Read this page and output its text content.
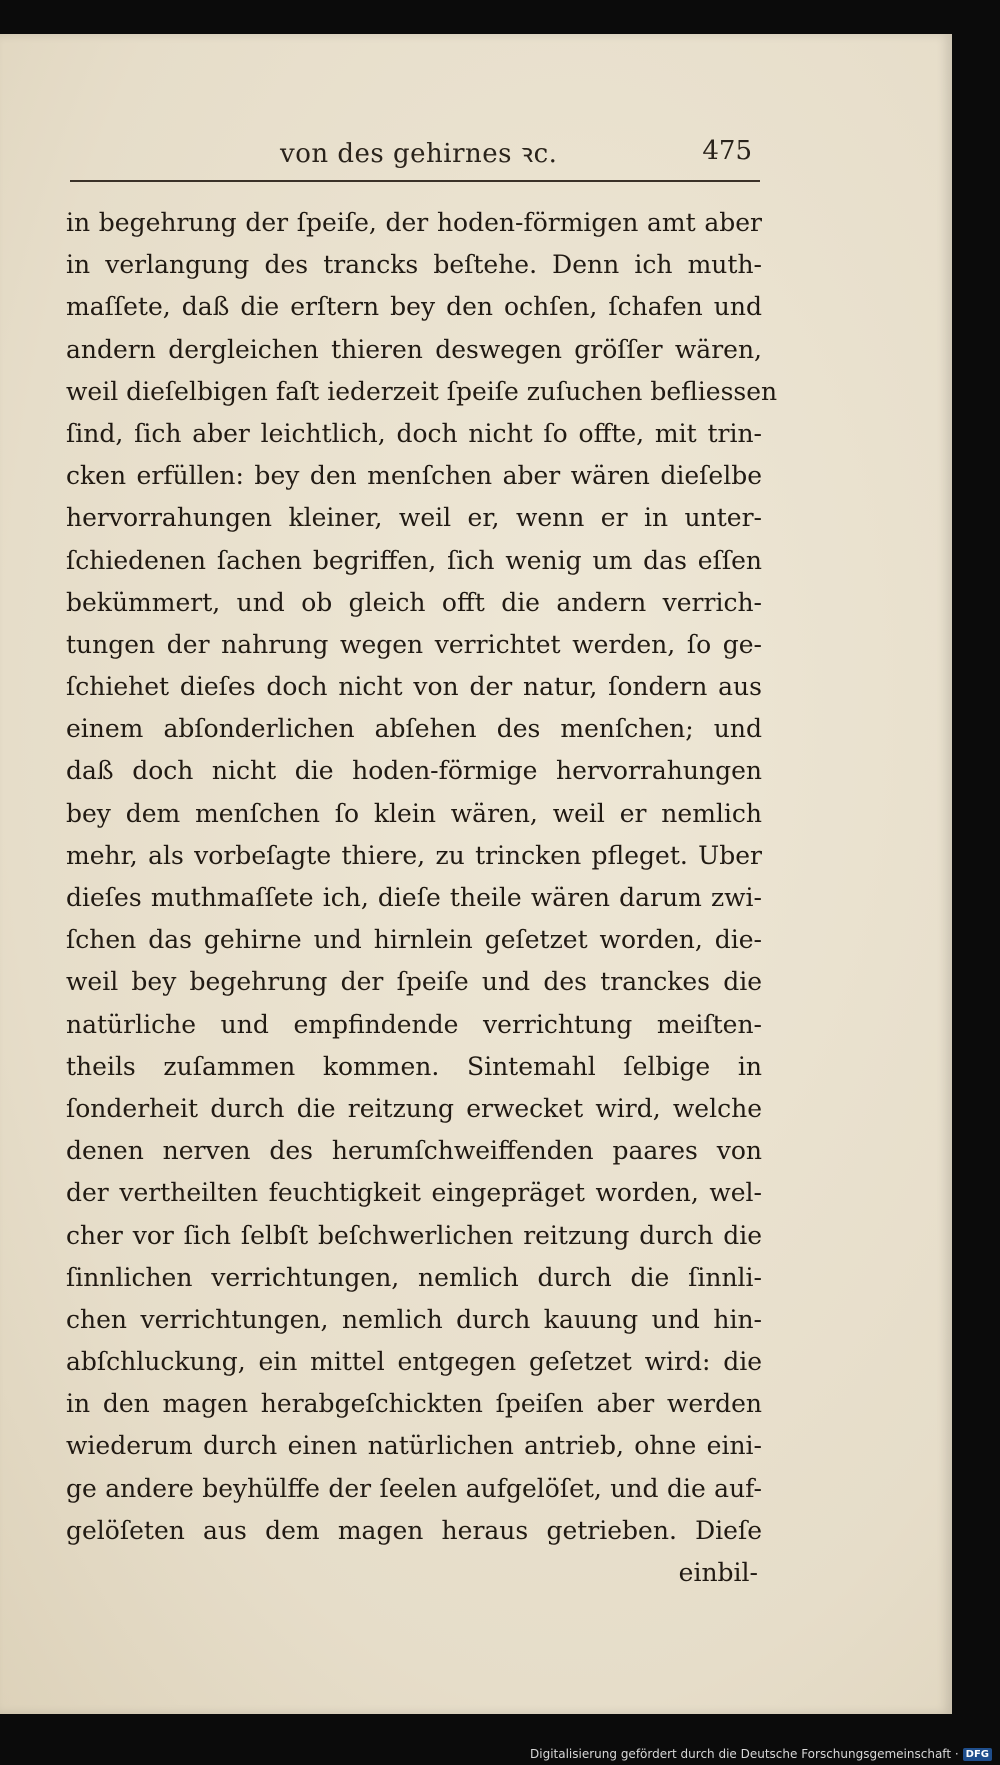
von des gehirnes ꝛc.	475
in begehrung der ſpeiſe, der hoden-förmigen amt aber
in verlangung des trancks beſtehe. Denn ich muth-
maſſete, daß die erſtern bey den ochſen, ſchafen und
andern dergleichen thieren deswegen gröſſer wären,
weil dieſelbigen faſt iederzeit ſpeiſe zuſuchen befliessen
ſind, ſich aber leichtlich, doch nicht ſo offte, mit trin-
cken erfüllen: bey den menſchen aber wären dieſelbe
hervorrahungen kleiner, weil er, wenn er in unter-
ſchiedenen ſachen begriffen, ſich wenig um das eſſen
bekümmert, und ob gleich offt die andern verrich-
tungen der nahrung wegen verrichtet werden, ſo ge-
ſchiehet dieſes doch nicht von der natur, ſondern aus
einem abſonderlichen abſehen des menſchen; und
daß doch nicht die hoden-förmige hervorrahungen
bey dem menſchen ſo klein wären, weil er nemlich
mehr, als vorbeſagte thiere, zu trincken pfleget. Uber
dieſes muthmaſſete ich, dieſe theile wären darum zwi-
ſchen das gehirne und hirnlein geſetzet worden, die-
weil bey begehrung der ſpeiſe und des tranckes die
natürliche und empfindende verrichtung meiſten-
theils zuſammen kommen. Sintemahl ſelbige in
ſonderheit durch die reitzung erwecket wird, welche
denen nerven des herumſchweiffenden paares von
der vertheilten feuchtigkeit eingepräget worden, wel-
cher vor ſich ſelbſt beſchwerlichen reitzung durch die
ſinnlichen verrichtungen, nemlich durch die ſinnli-
chen verrichtungen, nemlich durch kauung und hin-
abſchluckung, ein mittel entgegen geſetzet wird: die
in den magen herabgeſchickten ſpeiſen aber werden
wiederum durch einen natürlichen antrieb, ohne eini-
ge andere beyhülffe der ſeelen aufgelöſet, und die auf-
gelöſeten aus dem magen heraus getrieben. Dieſe
einbil-
Digitalisierung gefördert durch die Deutsche Forschungsgemeinschaft · DFG
